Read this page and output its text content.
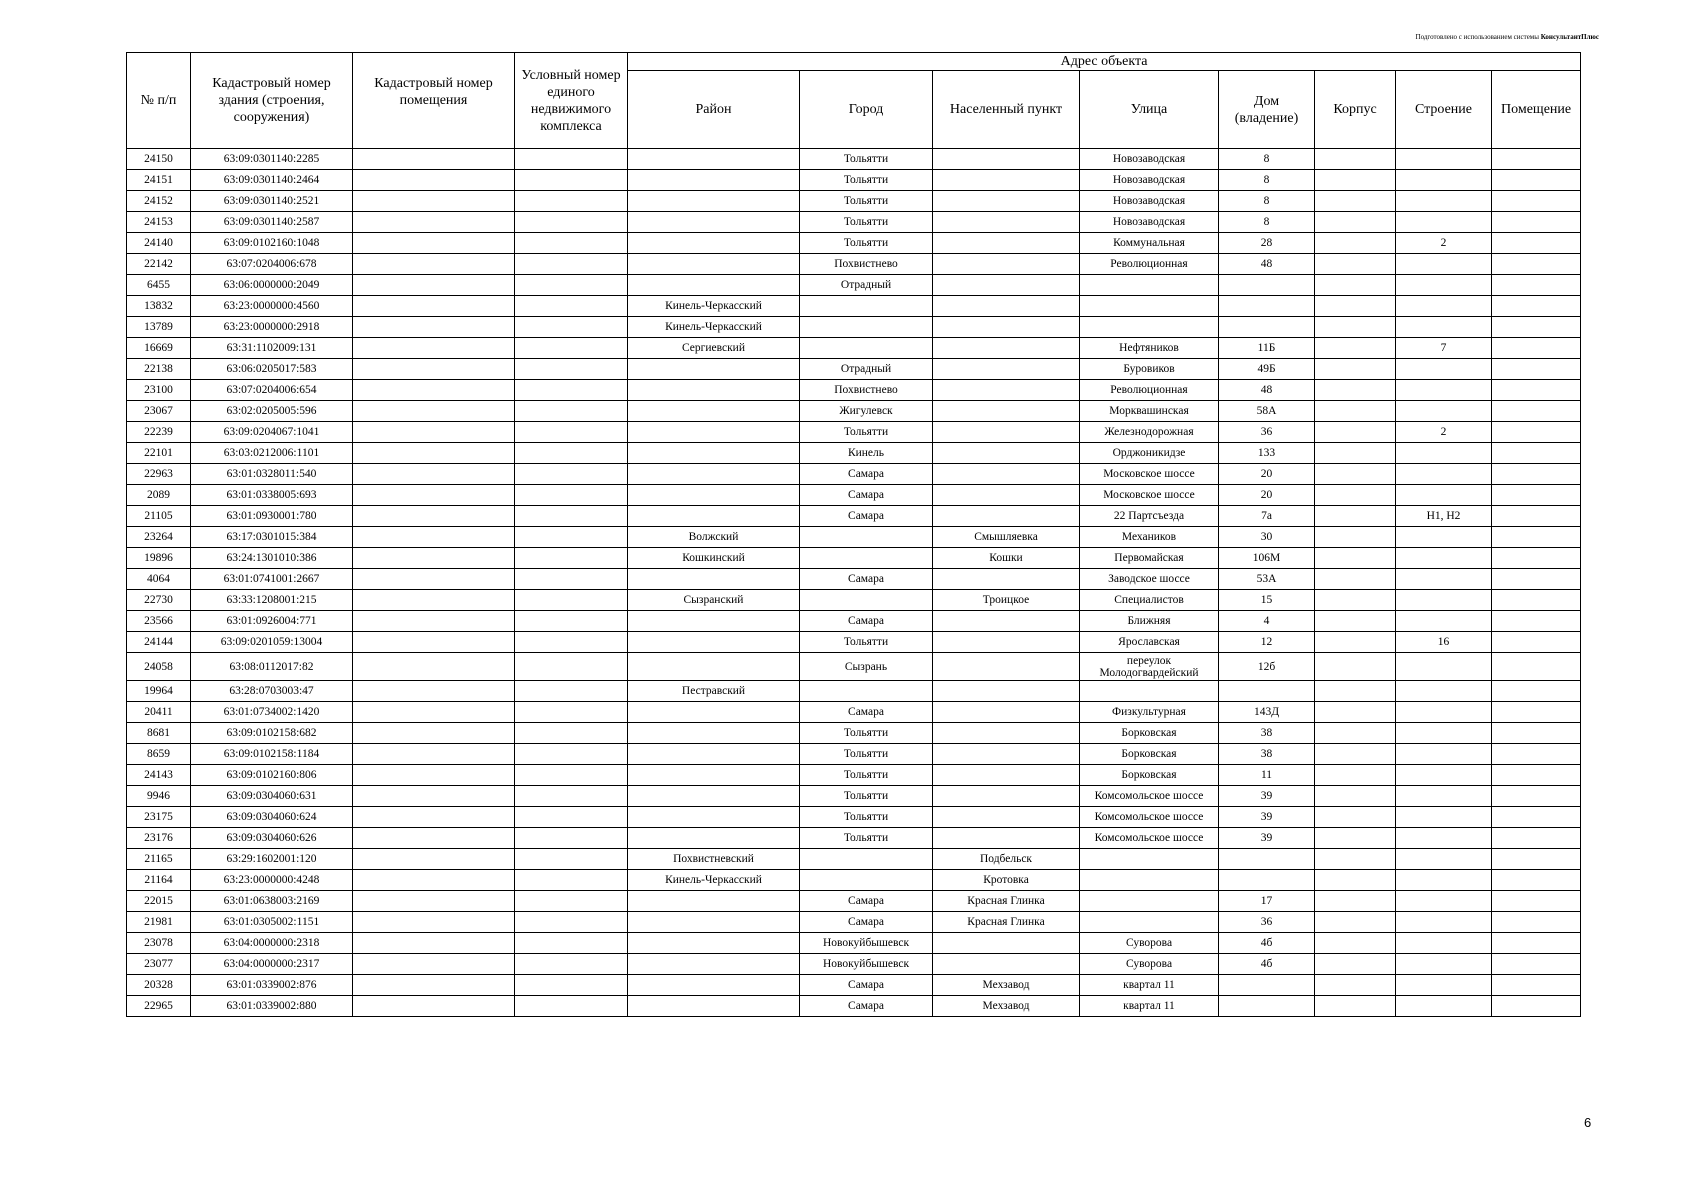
Подготовлено с использованием системы КонсультантПлюс
№ п/п	Кадастровый номер здания (строения, сооружения)	Кадастровый номер помещения	Условный номер единого недвижимого комплекса	Адрес объекта							
				Район	Город	Населенный пункт	Улица	Дом (владение)	Корпус	Строение	Помещение
24150	63:09:0301140:2285				Тольятти		Новозаводская	8			
24151	63:09:0301140:2464				Тольятти		Новозаводская	8			
24152	63:09:0301140:2521				Тольятти		Новозаводская	8			
24153	63:09:0301140:2587				Тольятти		Новозаводская	8			
24140	63:09:0102160:1048				Тольятти		Коммунальная	28		2	
22142	63:07:0204006:678				Похвистнево		Революционная	48			
6455	63:06:0000000:2049				Отрадный						
13832	63:23:0000000:4560			Кинель-Черкасский							
13789	63:23:0000000:2918			Кинель-Черкасский							
16669	63:31:1102009:131			Сергиевский			Нефтяников	11Б		7	
22138	63:06:0205017:583				Отрадный		Буровиков	49Б			
23100	63:07:0204006:654				Похвистнево		Революционная	48			
23067	63:02:0205005:596				Жигулевск		Морквашинская	58А			
22239	63:09:0204067:1041				Тольятти		Железнодорожная	36		2	
22101	63:03:0212006:1101				Кинель		Орджоникидзе	133			
22963	63:01:0328011:540				Самара		Московское шоссе	20			
2089	63:01:0338005:693				Самара		Московское шоссе	20			
21105	63:01:0930001:780				Самара		22 Партсъезда	7а		Н1, Н2	
23264	63:17:0301015:384			Волжский		Смышляевка	Механиков	30			
19896	63:24:1301010:386			Кошкинский		Кошки	Первомайская	106М			
4064	63:01:0741001:2667				Самара		Заводское шоссе	53А			
22730	63:33:1208001:215			Сызранский		Троицкое	Специалистов	15			
23566	63:01:0926004:771				Самара		Ближняя	4			
24144	63:09:0201059:13004				Тольятти		Ярославская	12		16	
24058	63:08:0112017:82				Сызрань		переулок Молодогвардейский	12б			
19964	63:28:0703003:47			Пестравский							
20411	63:01:0734002:1420				Самара		Физкультурная	143Д			
8681	63:09:0102158:682				Тольятти		Борковская	38			
8659	63:09:0102158:1184				Тольятти		Борковская	38			
24143	63:09:0102160:806				Тольятти		Борковская	11			
9946	63:09:0304060:631				Тольятти		Комсомольское шоссе	39			
23175	63:09:0304060:624				Тольятти		Комсомольское шоссе	39			
23176	63:09:0304060:626				Тольятти		Комсомольское шоссе	39			
21165	63:29:1602001:120			Похвистневский		Подбельск					
21164	63:23:0000000:4248			Кинель-Черкасский		Кротовка					
22015	63:01:0638003:2169				Самара	Красная Глинка		17			
21981	63:01:0305002:1151				Самара	Красная Глинка		36			
23078	63:04:0000000:2318				Новокуйбышевск		Суворова	4б			
23077	63:04:0000000:2317				Новокуйбышевск		Суворова	4б			
20328	63:01:0339002:876				Самара	Мехзавод	квартал 11				
22965	63:01:0339002:880				Самара	Мехзавод	квартал 11				
6
